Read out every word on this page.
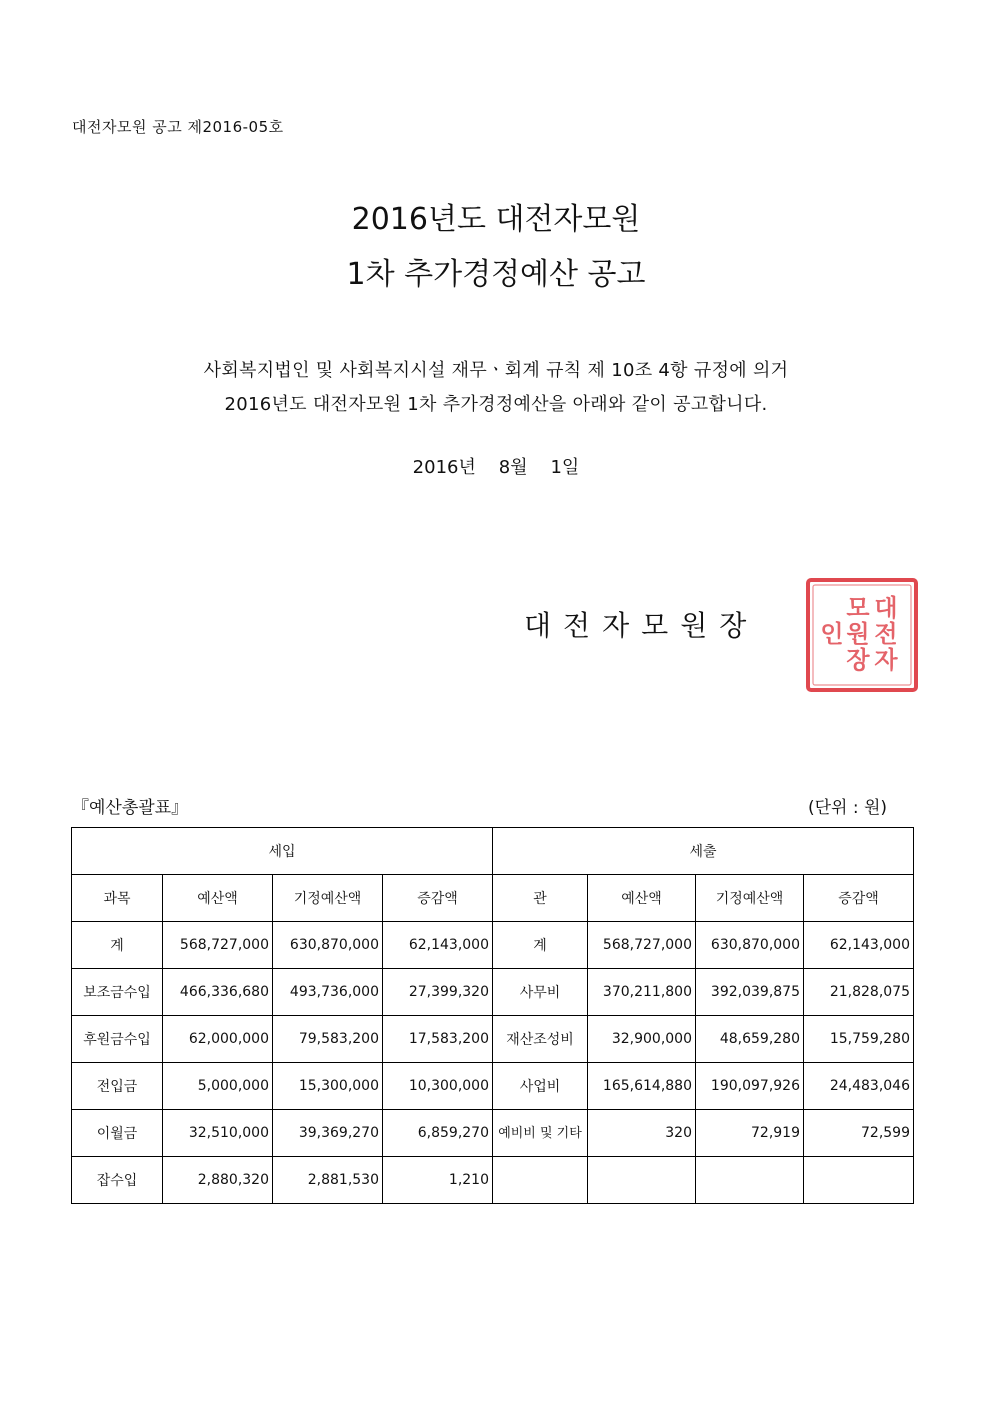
대전자모원 공고 제2016-05호
2016년도 대전자모원
1차 추가경정예산 공고
사회복지법인 및 사회복지시설 재무ㆍ회계 규칙 제 10조 4항 규정에 의거
2016년도 대전자모원 1차 추가경정예산을 아래와 같이 공고합니다.
2016년    8월    1일
대전자모원장
대
전
자
모
원
장
인
『예산총괄표』	(단위 : 원)
세입				세출			
과목	예산액	기정예산액	증감액	관	예산액	기정예산액	증감액
계	568,727,000	630,870,000	62,143,000	계	568,727,000	630,870,000	62,143,000
보조금수입	466,336,680	493,736,000	27,399,320	사무비	370,211,800	392,039,875	21,828,075
후원금수입	62,000,000	79,583,200	17,583,200	재산조성비	32,900,000	48,659,280	15,759,280
전입금	5,000,000	15,300,000	10,300,000	사업비	165,614,880	190,097,926	24,483,046
이월금	32,510,000	39,369,270	6,859,270	예비비 및 기타	320	72,919	72,599
잡수입	2,880,320	2,881,530	1,210				
